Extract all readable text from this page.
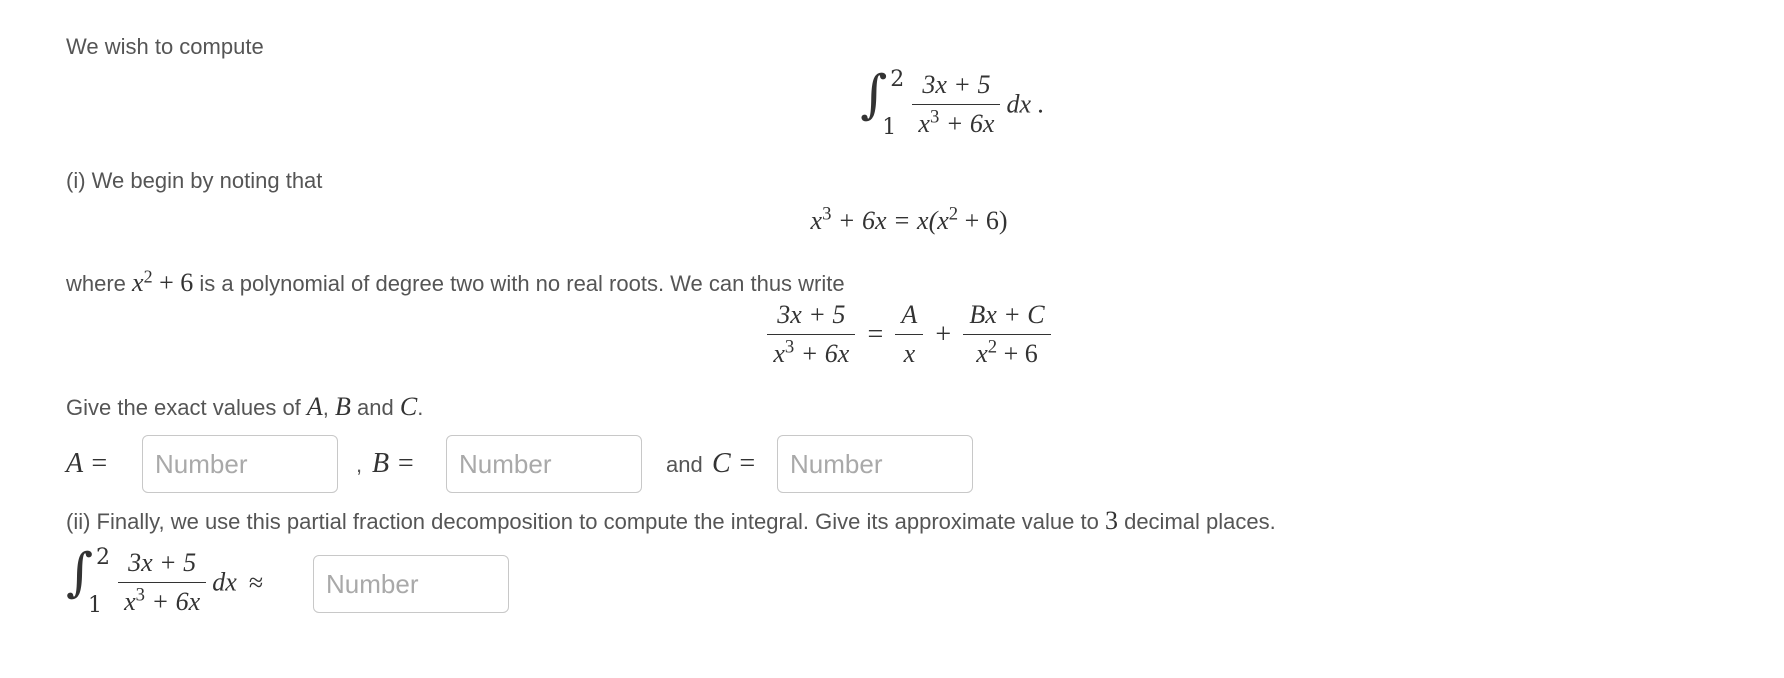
We wish to compute
∫ 2
1
$\frac{3x + 5}{x^3 + 6x}$ dx .
(i) We begin by noting that
$x^3 + 6x = x(x^2 + 6)$
where $x^2 + 6$ is a polynomial of degree two with no real roots. We can thus write
$\frac{3x + 5}{x^3 + 6x} = \frac{A}{x} + \frac{Bx + C}{x^2 + 6}$
Give the exact values of A, B and C.
A =
Number	, B =
Number	and C =
Number
(ii) Finally, we use this partial fraction decomposition to compute the integral. Give its approximate value to 3 decimal places.
∫ 2
1
$\frac{3x + 5}{x^3 + 6x}$ dx ≈
Number
